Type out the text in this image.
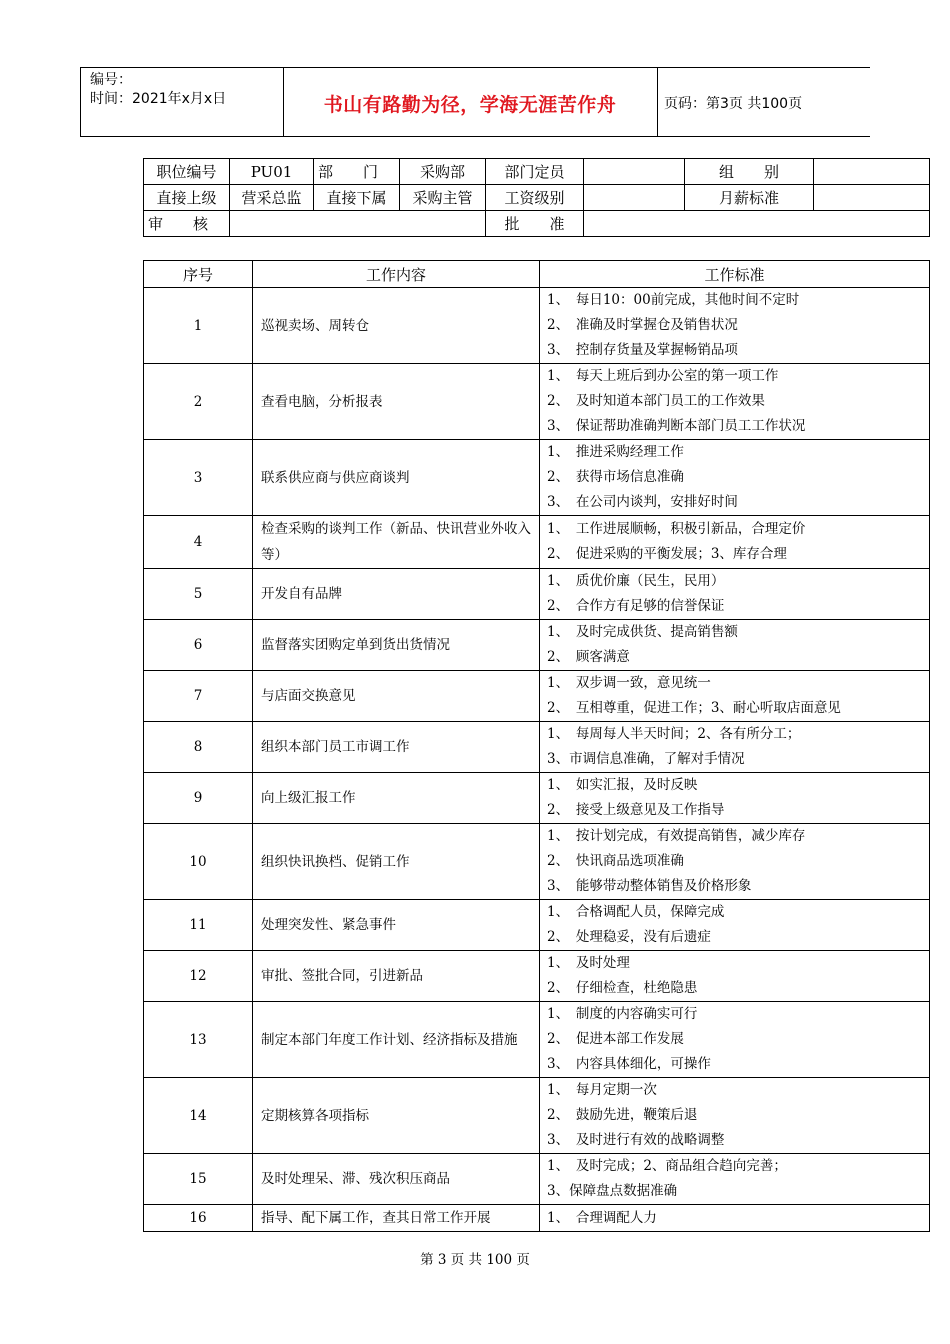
编号：
时间：2021年x月x日	书山有路勤为径，学海无涯苦作舟	页码：第3页 共100页
职位编号	PU01	部　　门	采购部	部门定员		组　　别	
直接上级	营采总监	直接下属	采购主管	工资级别		月薪标准	
审　　核				批　　准			
序号	工作内容	工作标准
1	巡视卖场、周转仓	1、　每日10：00前完成，其他时间不定时
2、　准确及时掌握仓及销售状况
3、　控制存货量及掌握畅销品项

2	查看电脑，分析报表	1、　每天上班后到办公室的第一项工作
2、　及时知道本部门员工的工作效果
3、　保证帮助准确判断本部门员工工作状况

3	联系供应商与供应商谈判	1、　推进采购经理工作
2、　获得市场信息准确
3、　在公司内谈判，安排好时间

4	检查采购的谈判工作（新品、快讯营业外收入等）	1、　工作进展顺畅，积极引新品，合理定价
2、　促进采购的平衡发展；3、库存合理

5	开发自有品牌	1、　质优价廉（民生，民用）
2、　合作方有足够的信誉保证

6	监督落实团购定单到货出货情况	1、　及时完成供货、提高销售额
2、　顾客满意

7	与店面交换意见	1、　双步调一致，意见统一
2、　互相尊重，促进工作；3、耐心听取店面意见

8	组织本部门员工市调工作	1、　每周每人半天时间；2、各有所分工；
3、市调信息准确，了解对手情况

9	向上级汇报工作	1、　如实汇报，及时反映
2、　接受上级意见及工作指导

10	组织快讯换档、促销工作	1、　按计划完成，有效提高销售，减少库存
2、　快讯商品选项准确
3、　能够带动整体销售及价格形象

11	处理突发性、紧急事件	1、　合格调配人员，保障完成
2、　处理稳妥，没有后遗症

12	审批、签批合同，引进新品	1、　及时处理
2、　仔细检查，杜绝隐患

13	制定本部门年度工作计划、经济指标及措施	1、　制度的内容确实可行
2、　促进本部工作发展
3、　内容具体细化，可操作

14	定期核算各项指标	1、　每月定期一次
2、　鼓励先进，鞭策后退
3、　及时进行有效的战略调整

15	及时处理呆、滞、残次积压商品	1、　及时完成；2、商品组合趋向完善；
3、保障盘点数据准确

16	指导、配下属工作，查其日常工作开展	1、　合理调配人力
第 3 页 共 100 页
